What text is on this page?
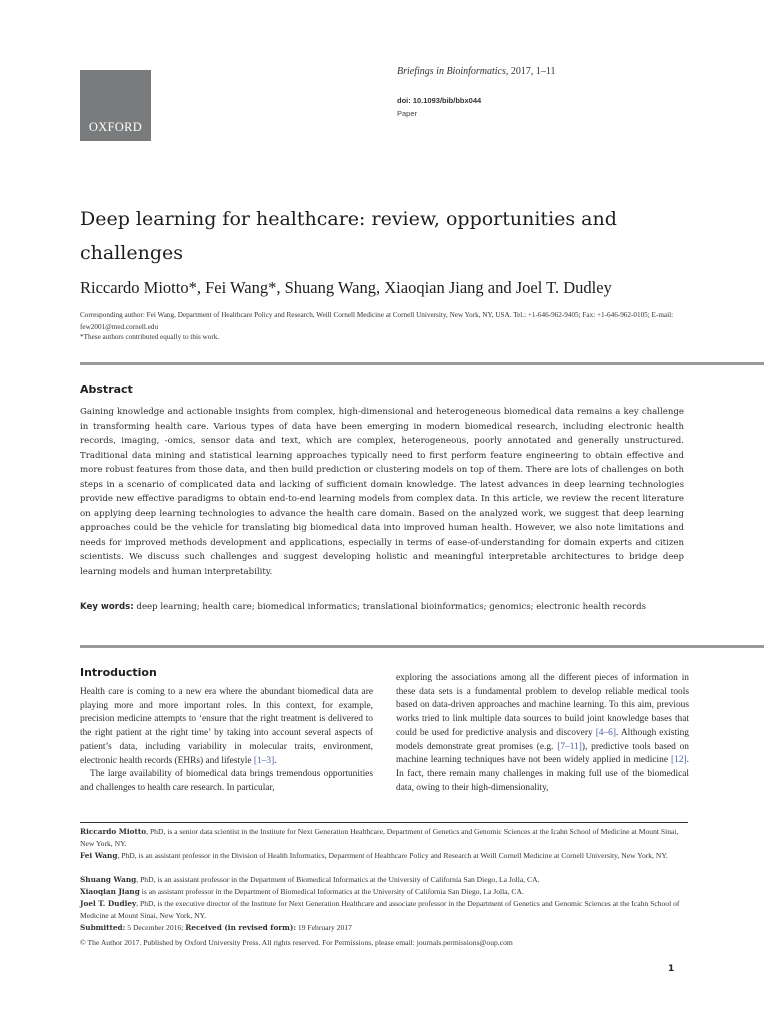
OXFORD
Briefings in Bioinformatics, 2017, 1–11
doi: 10.1093/bib/bbx044
Paper
Deep learning for healthcare: review, opportunities and challenges
Riccardo Miotto*, Fei Wang*, Shuang Wang, Xiaoqian Jiang and Joel T. Dudley
Corresponding author: Fei Wang, Department of Healthcare Policy and Research, Weill Cornell Medicine at Cornell University, New York, NY, USA. Tel.: +1-646-962-9405; Fax: +1-646-962-0105; E-mail: few2001@med.cornell.edu
*These authors contributed equally to this work.
Abstract
Gaining knowledge and actionable insights from complex, high-dimensional and heterogeneous biomedical data remains a key challenge in transforming health care. Various types of data have been emerging in modern biomedical research, including electronic health records, imaging, -omics, sensor data and text, which are complex, heterogeneous, poorly annotated and generally unstructured. Traditional data mining and statistical learning approaches typically need to first perform feature engineering to obtain effective and more robust features from those data, and then build prediction or clustering models on top of them. There are lots of challenges on both steps in a scenario of complicated data and lacking of sufficient domain knowledge. The latest advances in deep learning technologies provide new effective paradigms to obtain end-to-end learning models from complex data. In this article, we review the recent literature on applying deep learning technologies to advance the health care domain. Based on the analyzed work, we suggest that deep learning approaches could be the vehicle for translating big biomedical data into improved human health. However, we also note limitations and needs for improved methods development and applications, especially in terms of ease-of-understanding for domain experts and citizen scientists. We discuss such challenges and suggest developing holistic and meaningful interpretable architectures to bridge deep learning models and human interpretability.
Key words: deep learning; health care; biomedical informatics; translational bioinformatics; genomics; electronic health records
Introduction

Health care is coming to a new era where the abundant biomedical data are playing more and more important roles. In this context, for example, precision medicine attempts to ‘ensure that the right treatment is delivered to the right patient at the right time’ by taking into account several aspects of patient’s data, including variability in molecular traits, environment, electronic health records (EHRs) and lifestyle [1–3].

The large availability of biomedical data brings tremendous opportunities and challenges to health care research. In particular,

exploring the associations among all the different pieces of information in these data sets is a fundamental problem to develop reliable medical tools based on data-driven approaches and machine learning. To this aim, previous works tried to link multiple data sources to build joint knowledge bases that could be used for predictive analysis and discovery [4–6]. Although existing models demonstrate great promises (e.g. [7–11]), predictive tools based on machine learning techniques have not been widely applied in medicine [12]. In fact, there remain many challenges in making full use of the biomedical data, owing to their high-dimensionality,

Riccardo Miotto, PhD, is a senior data scientist in the Institute for Next Generation Healthcare, Department of Genetics and Genomic Sciences at the Icahn School of Medicine at Mount Sinai, New York, NY.
Fei Wang, PhD, is an assistant professor in the Division of Health Informatics, Department of Healthcare Policy and Research at Weill Cornell Medicine at Cornell University, New York, NY.
Shuang Wang, PhD, is an assistant professor in the Department of Biomedical Informatics at the University of California San Diego, La Jolla, CA.
Xiaoqian Jiang is an assistant professor in the Department of Biomedical Informatics at the University of California San Diego, La Jolla, CA.
Joel T. Dudley, PhD, is the executive director of the Institute for Next Generation Healthcare and associate professor in the Department of Genetics and Genomic Sciences at the Icahn School of Medicine at Mount Sinai, New York, NY.
Submitted: 5 December 2016; Received (in revised form): 19 February 2017
© The Author 2017. Published by Oxford University Press. All rights reserved. For Permissions, please email: journals.permissions@oup.com
1
